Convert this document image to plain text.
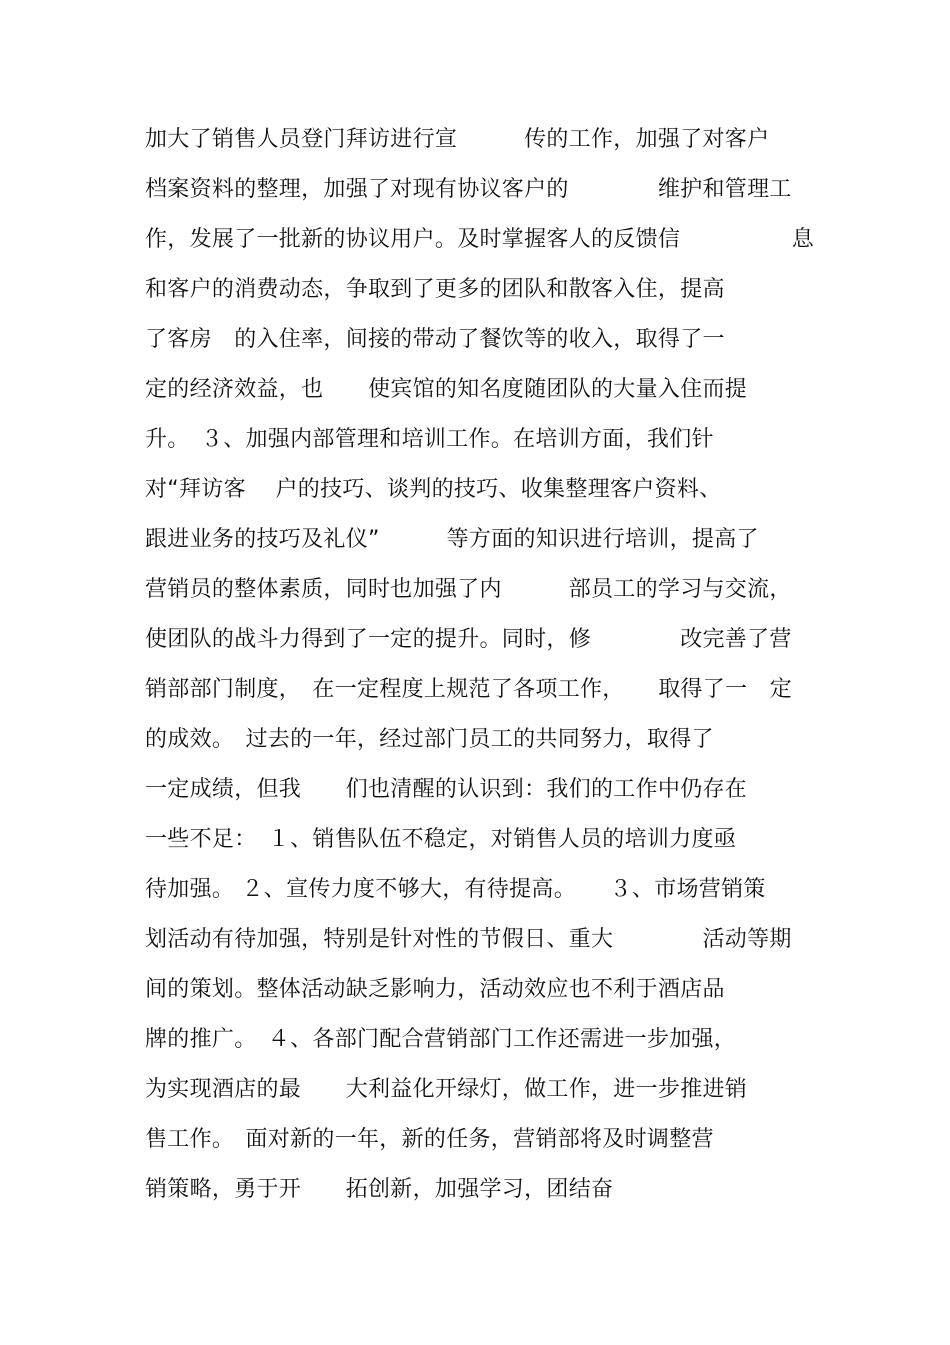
加大了销售人员登门拜访进行宣　　　传的工作，加强了对客户
档案资料的整理，加强了对现有协议客户的　　　　维护和管理工
作，发展了一批新的协议用户。及时掌握客人的反馈信　　　　　息
和客户的消费动态，争取到了更多的团队和散客入住，提高
了客房　的入住率，间接的带动了餐饮等的收入，取得了一
定的经济效益，也　　使宾馆的知名度随团队的大量入住而提
升。　３、加强内部管理和培训工作。在培训方面，我们针
对“拜访客　 户的技巧、谈判的技巧、收集整理客户资料、
跟进业务的技巧及礼仪”　　　等方面的知识进行培训，提高了
营销员的整体素质，同时也加强了内　　　部员工的学习与交流，
使团队的战斗力得到了一定的提升。同时，修　　　　改完善了营
销部部门制度，　在一定程度上规范了各项工作，　　取得了一　定
的成效。　过去的一年，经过部门员工的共同努力，取得了
一定成绩，但我　　们也清醒的认识到：我们的工作中仍存在
一些不足：　１、销售队伍不稳定，对销售人员的培训力度亟
待加强。 ２、宣传力度不够大，有待提高。　　３、市场营销策
划活动有待加强，特别是针对性的节假日、重大　　　　活动等期
间的策划。整体活动缺乏影响力，活动效应也不利于酒店品
牌的推广。　４、各部门配合营销部门工作还需进一步加强，
为实现酒店的最　　大利益化开绿灯，做工作，进一步推进销
售工作。　面对新的一年，新的任务，营销部将及时调整营
销策略，勇于开　　拓创新，加强学习，团结奋
